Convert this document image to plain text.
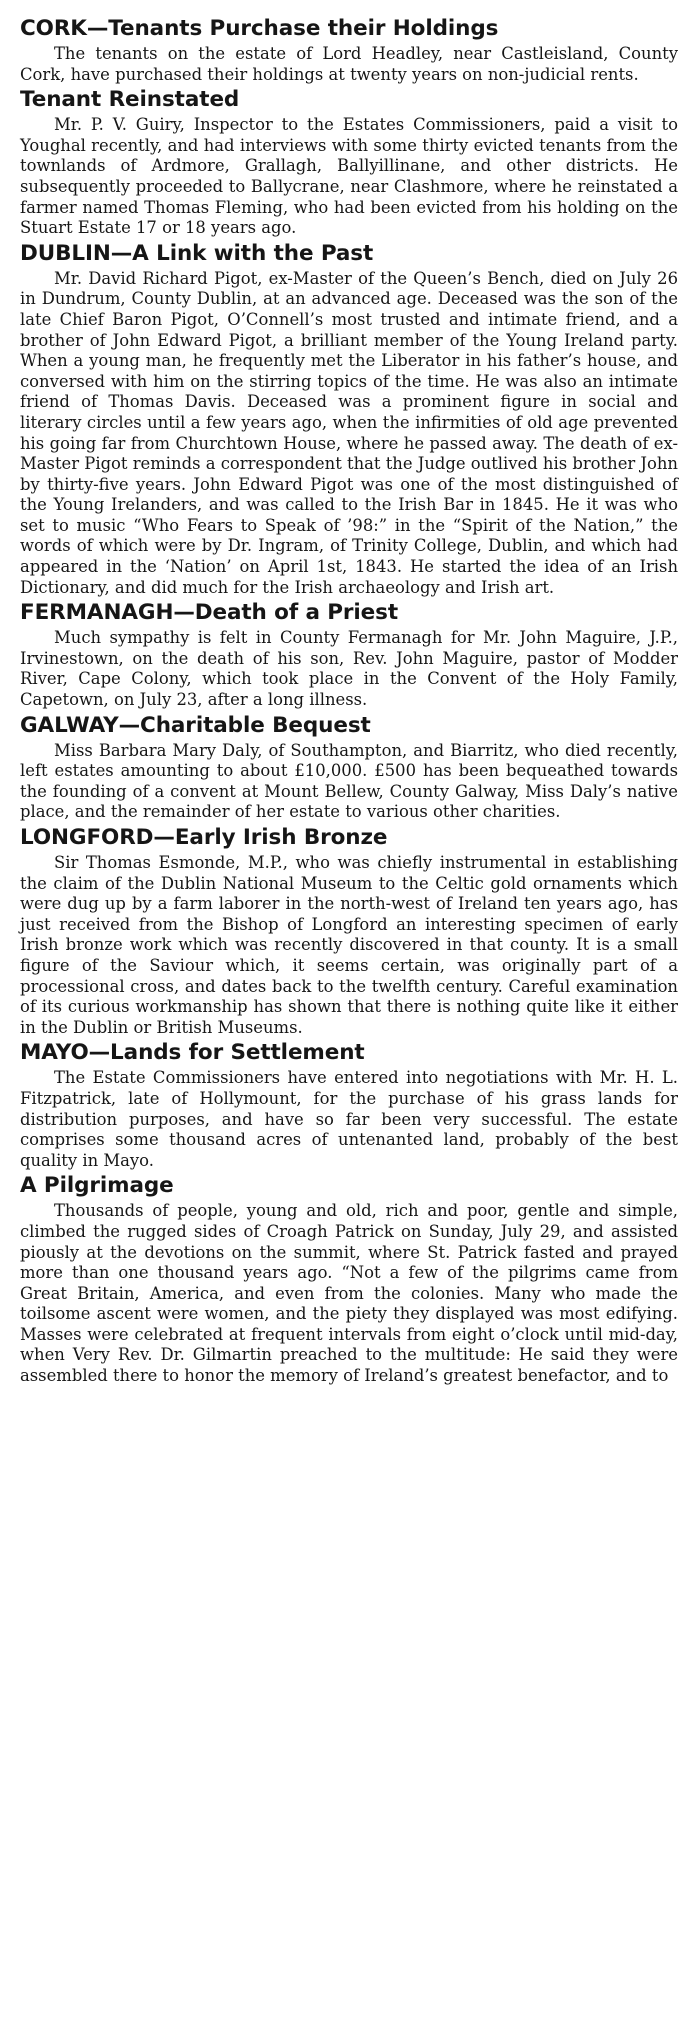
CORK—Tenants Purchase their Holdings

The tenants on the estate of Lord Headley, near Castleisland, County Cork, have purchased their holdings at twenty years on non-judicial rents.

Tenant Reinstated

Mr. P. V. Guiry, Inspector to the Estates Commissioners, paid a visit to Youghal recently, and had interviews with some thirty evicted tenants from the townlands of Ardmore, Grallagh, Ballyillinane, and other districts. He subsequently proceeded to Ballycrane, near Clashmore, where he reinstated a farmer named Thomas Fleming, who had been evicted from his holding on the Stuart Estate 17 or 18 years ago.

DUBLIN—A Link with the Past

Mr. David Richard Pigot, ex-Master of the Queen’s Bench, died on July 26 in Dundrum, County Dublin, at an advanced age. Deceased was the son of the late Chief Baron Pigot, O’Connell’s most trusted and intimate friend, and a brother of John Edward Pigot, a brilliant member of the Young Ireland party. When a young man, he frequently met the Liberator in his father’s house, and conversed with him on the stirring topics of the time. He was also an intimate friend of Thomas Davis. Deceased was a prominent figure in social and literary circles until a few years ago, when the infirmities of old age prevented his going far from Churchtown House, where he passed away. The death of ex-Master Pigot reminds a correspondent that the Judge outlived his brother John by thirty-five years. John Edward Pigot was one of the most distinguished of the Young Irelanders, and was called to the Irish Bar in 1845. He it was who set to music “Who Fears to Speak of ’98:” in the “Spirit of the Nation,” the words of which were by Dr. Ingram, of Trinity College, Dublin, and which had appeared in the ‘Nation’ on April 1st, 1843. He started the idea of an Irish Dictionary, and did much for the Irish archaeology and Irish art.

FERMANAGH—Death of a Priest

Much sympathy is felt in County Fermanagh for Mr. John Maguire, J.P., Irvinestown, on the death of his son, Rev. John Maguire, pastor of Modder River, Cape Colony, which took place in the Convent of the Holy Family, Capetown, on July 23, after a long illness.

GALWAY—Charitable Bequest

Miss Barbara Mary Daly, of Southampton, and Biarritz, who died recently, left estates amounting to about £10,000. £500 has been bequeathed towards the founding of a convent at Mount Bellew, County Galway, Miss Daly’s native place, and the remainder of her estate to various other charities.

LONGFORD—Early Irish Bronze

Sir Thomas Esmonde, M.P., who was chiefly instrumental in establishing the claim of the Dublin National Museum to the Celtic gold ornaments which were dug up by a farm laborer in the north-west of Ireland ten years ago, has just received from the Bishop of Longford an interesting specimen of early Irish bronze work which was recently discovered in that county. It is a small figure of the Saviour which, it seems certain, was originally part of a processional cross, and dates back to the twelfth century. Careful examination of its curious workmanship has shown that there is nothing quite like it either in the Dublin or British Museums.

MAYO—Lands for Settlement

The Estate Commissioners have entered into negotiations with Mr. H. L. Fitzpatrick, late of Hollymount, for the purchase of his grass lands for distribution purposes, and have so far been very successful. The estate comprises some thousand acres of untenanted land, probably of the best quality in Mayo.

A Pilgrimage

Thousands of people, young and old, rich and poor, gentle and simple, climbed the rugged sides of Croagh Patrick on Sunday, July 29, and assisted piously at the devotions on the summit, where St. Patrick fasted and prayed more than one thousand years ago. “Not a few of the pilgrims came from Great Britain, America, and even from the colonies. Many who made the toilsome ascent were women, and the piety they displayed was most edifying. Masses were celebrated at frequent intervals from eight o’clock until mid-day, when Very Rev. Dr. Gilmartin preached to the multitude: He said they were assembled there to honor the memory of Ireland’s greatest benefactor, and to
